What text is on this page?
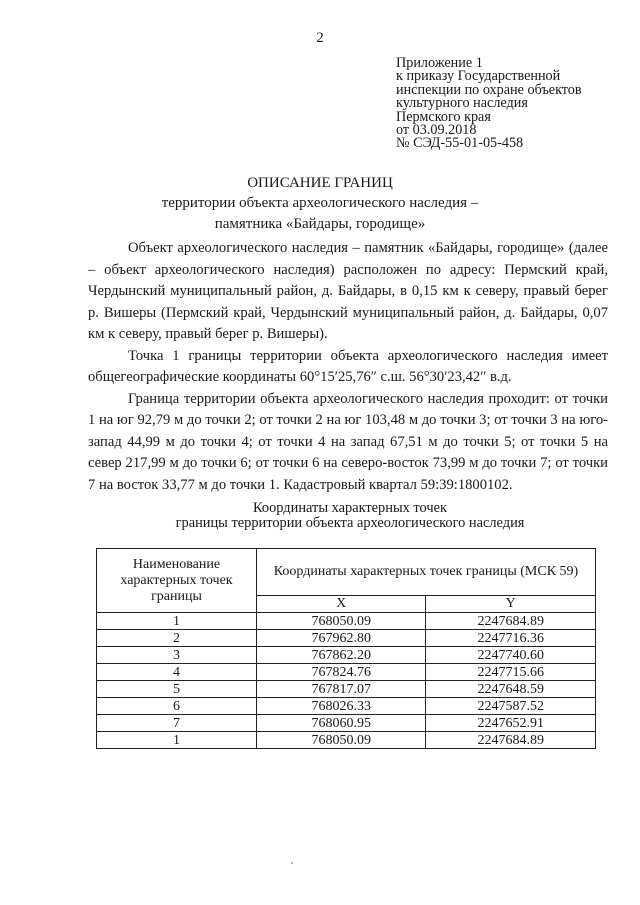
2
Приложение 1
к приказу Государственной
инспекции по охране объектов
культурного наследия
Пермского края
от 03.09.2018
№ СЭД-55-01-05-458
ОПИСАНИЕ ГРАНИЦ
территории объекта археологического наследия –
памятника «Байдары, городище»

Объект археологического наследия – памятник «Байдары, городище» (далее – объект археологического наследия) расположен по адресу: Пермский край, Чердынский муниципальный район, д. Байдары, в 0,15 км к северу, правый берег р. Вишеры (Пермский край, Чердынский муниципальный район, д. Байдары, 0,07 км к северу, правый берег р. Вишеры).

Точка 1 границы территории объекта археологического наследия имеет общегеографические координаты 60°15′25,76″ с.ш. 56°30′23,42″ в.д.

Граница территории объекта археологического наследия проходит: от точки 1 на юг 92,79 м до точки 2; от точки 2 на юг 103,48 м до точки 3; от точки 3 на юго-запад 44,99 м до точки 4; от точки 4 на запад 67,51 м до точки 5; от точки 5 на север 217,99 м до точки 6; от точки 6 на северо-восток 73,99 м до точки 7; от точки 7 на восток 33,77 м до точки 1. Кадастровый квартал 59:39:1800102.

Координаты характерных точек
границы территории объекта археологического наследия
Наименование характерных точек границы	Координаты характерных точек границы (МСК 59)	
	X	Y
1	768050.09	2247684.89
2	767962.80	2247716.36
3	767862.20	2247740.60
4	767824.76	2247715.66
5	767817.07	2247648.59
6	768026.33	2247587.52
7	768060.95	2247652.91
1	768050.09	2247684.89
